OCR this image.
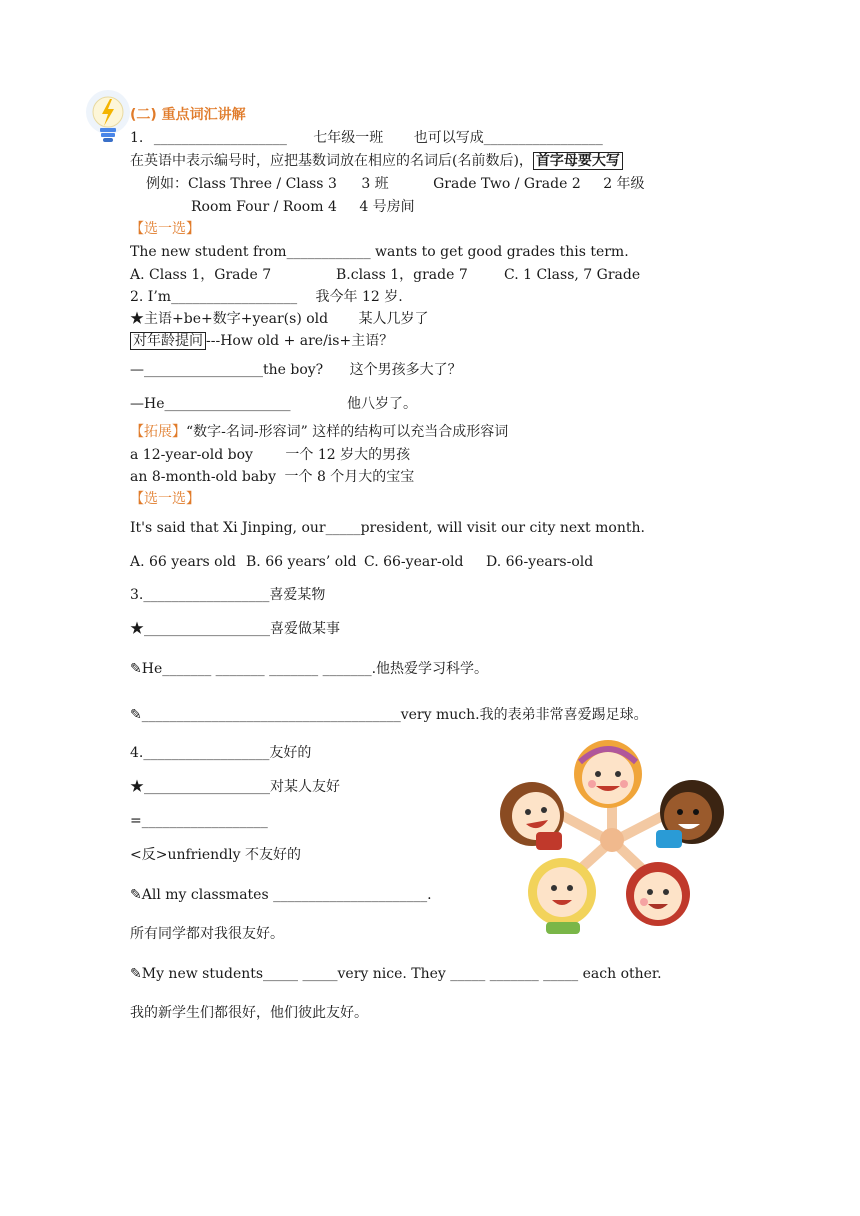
(二) 重点词汇讲解
1. ___________________ 七年级一班 也可以写成_________________
在英语中表示编号时，应把基数词放在相应的名词后(名前数后)， 首字母要大写
例如：Class Three / Class 3 3 班	Grade Two / Grade 2 2 年级
Room Four / Room 4 4 号房间
【选一选】
The new student from____________ wants to get good grades this term.
A. Class 1，Grade 7	B.class 1，grade 7	C. 1 Class, 7 Grade
2. I’m__________________ 我今年 12 岁.
★主语+be+数字+year(s) old 某人几岁了
对年龄提问 ---How old + are/is+主语？
—_________________the boy? 这个男孩多大了？
—He__________________	他八岁了。
【拓展】“数字-名词-形容词” 这样的结构可以充当合成形容词
a 12-year-old boy 一个 12 岁大的男孩
an 8-month-old baby 一个 8 个月大的宝宝
【选一选】
It's said that Xi Jinping, our_____president, will visit our city next month.
A. 66 years old B. 66 years’ old C. 66-year-old D. 66-years-old
3.__________________喜爱某物
★__________________喜爱做某事
✎He_______ _______ _______ _______.他热爱学习科学。
✎_____________________________________very much.我的表弟非常喜爱踢足球。
4.__________________友好的
★__________________对某人友好
=__________________
<反>unfriendly 不友好的
✎All my classmates ______________________.
所有同学都对我很友好。
✎My new students_____ _____very nice. They _____ _______ _____ each other.
我的新学生们都很好，他们彼此友好。
